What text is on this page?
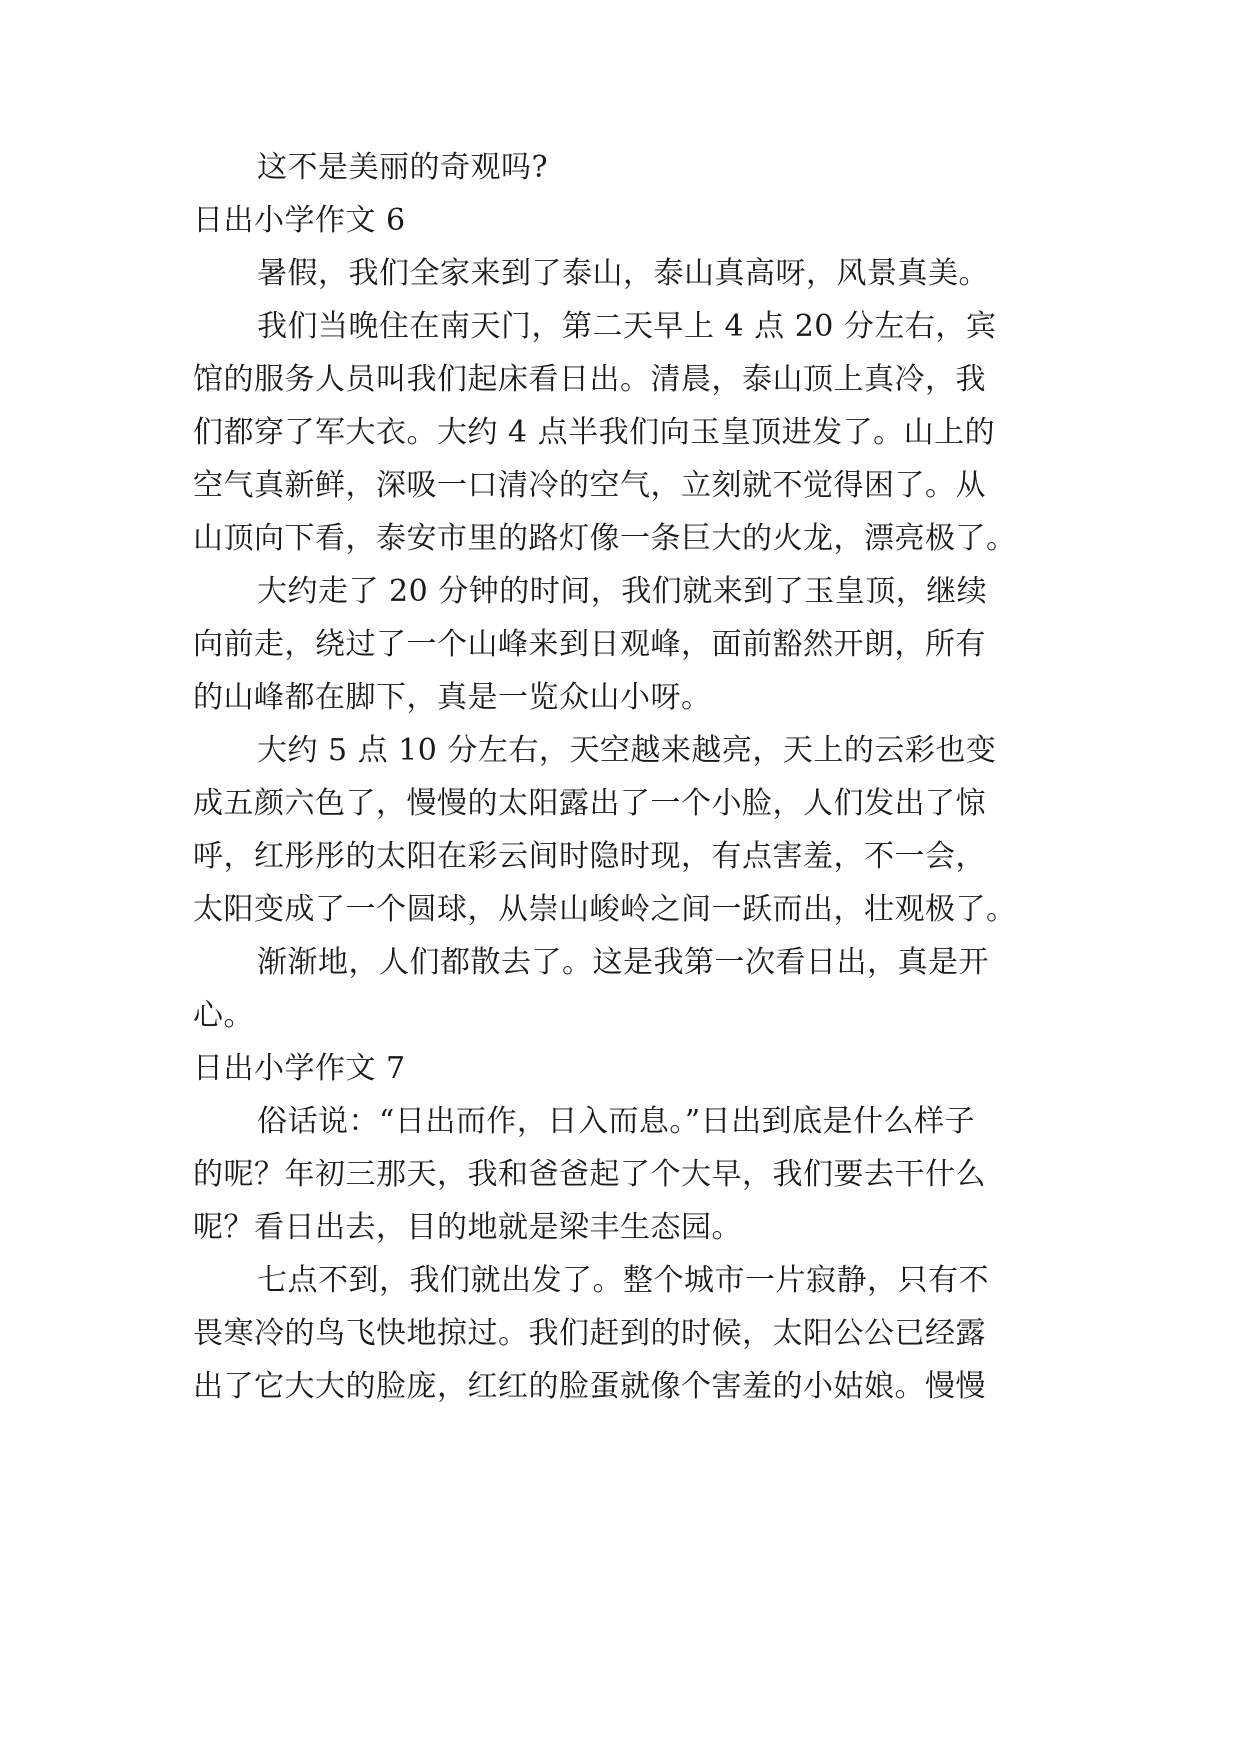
这不是美丽的奇观吗?
日出小学作文 6
暑假，我们全家来到了泰山，泰山真高呀，风景真美。
我们当晚住在南天门，第二天早上 4 点 20 分左右，宾
馆的服务人员叫我们起床看日出。清晨，泰山顶上真冷，我
们都穿了军大衣。大约 4 点半我们向玉皇顶进发了。山上的
空气真新鲜，深吸一口清冷的空气，立刻就不觉得困了。从
山顶向下看，泰安市里的路灯像一条巨大的火龙，漂亮极了。
大约走了 20 分钟的时间，我们就来到了玉皇顶，继续
向前走，绕过了一个山峰来到日观峰，面前豁然开朗，所有
的山峰都在脚下，真是一览众山小呀。
大约 5 点 10 分左右，天空越来越亮，天上的云彩也变
成五颜六色了，慢慢的太阳露出了一个小脸，人们发出了惊
呼，红彤彤的太阳在彩云间时隐时现，有点害羞，不一会，
太阳变成了一个圆球，从崇山峻岭之间一跃而出，壮观极了。
渐渐地，人们都散去了。这是我第一次看日出，真是开
心。
日出小学作文 7
俗话说：“日出而作，日入而息。”日出到底是什么样子
的呢？年初三那天，我和爸爸起了个大早，我们要去干什么
呢？看日出去，目的地就是梁丰生态园。
七点不到，我们就出发了。整个城市一片寂静，只有不
畏寒冷的鸟飞快地掠过。我们赶到的时候，太阳公公已经露
出了它大大的脸庞，红红的脸蛋就像个害羞的小姑娘。慢慢
